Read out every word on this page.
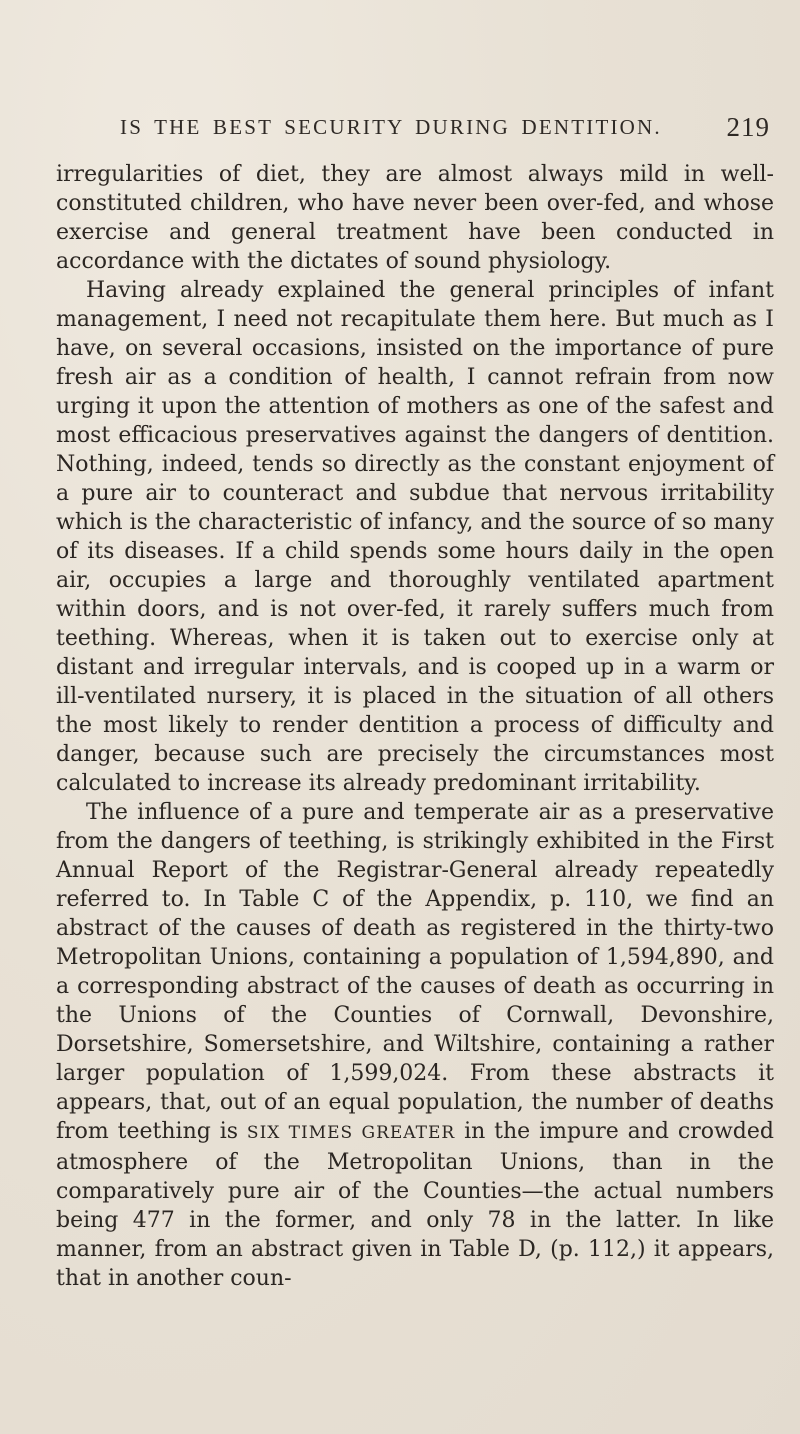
IS THE BEST SECURITY DURING DENTITION. 219

irregularities of diet, they are almost always mild in well-constituted children, who have never been over-fed, and whose exercise and general treatment have been conducted in accordance with the dictates of sound physiology.

Having already explained the general principles of infant management, I need not recapitulate them here. But much as I have, on several occasions, insisted on the importance of pure fresh air as a condition of health, I cannot refrain from now urging it upon the attention of mothers as one of the safest and most efficacious preservatives against the dangers of dentition. Nothing, indeed, tends so directly as the constant enjoyment of a pure air to counteract and subdue that nervous irritability which is the characteristic of infancy, and the source of so many of its diseases. If a child spends some hours daily in the open air, occupies a large and thoroughly ventilated apartment within doors, and is not over-fed, it rarely suffers much from teething. Whereas, when it is taken out to exercise only at distant and irregular intervals, and is cooped up in a warm or ill-ventilated nursery, it is placed in the situation of all others the most likely to render dentition a process of difficulty and danger, because such are precisely the circumstances most calculated to increase its already predominant irritability.

The influence of a pure and temperate air as a preservative from the dangers of teething, is strikingly exhibited in the First Annual Report of the Registrar-General already repeatedly referred to. In Table C of the Appendix, p. 110, we find an abstract of the causes of death as registered in the thirty-two Metropolitan Unions, containing a population of 1,594,890, and a corresponding abstract of the causes of death as occurring in the Unions of the Counties of Cornwall, Devonshire, Dorsetshire, Somersetshire, and Wiltshire, containing a rather larger population of 1,599,024. From these abstracts it appears, that, out of an equal population, the number of deaths from teething is SIX TIMES GREATER in the impure and crowded atmosphere of the Metropolitan Unions, than in the comparatively pure air of the Counties—the actual numbers being 477 in the former, and only 78 in the latter. In like manner, from an abstract given in Table D, (p. 112,) it appears, that in another coun-
